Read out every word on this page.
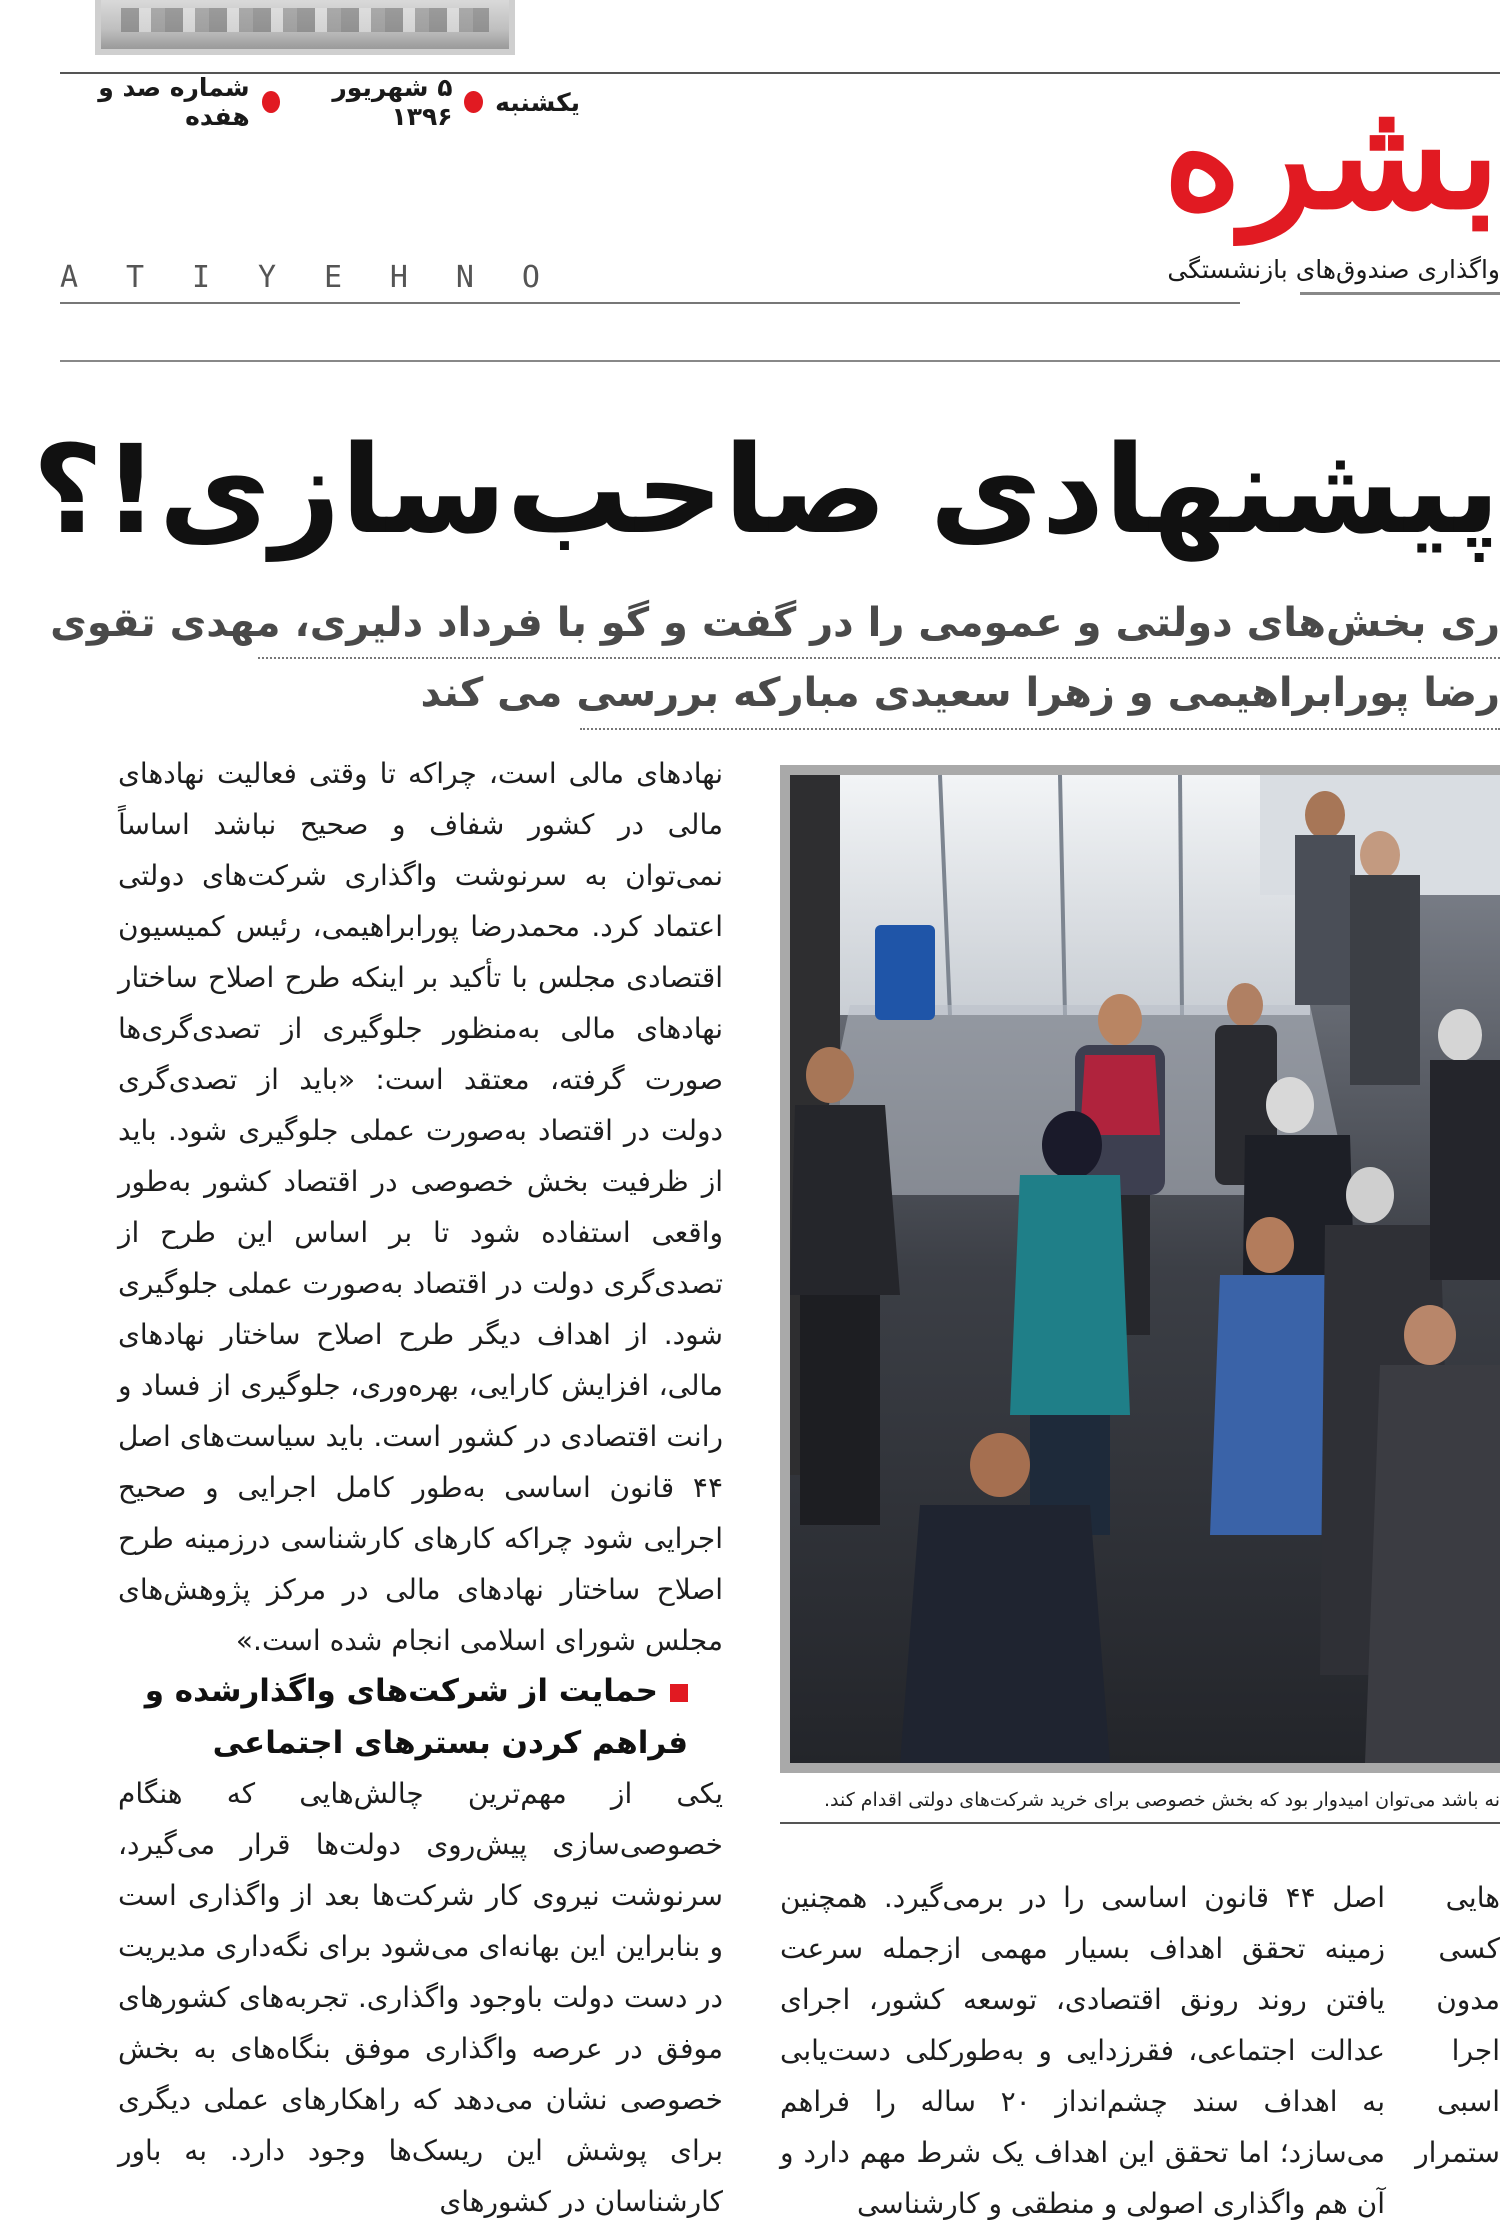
یکشنبه
۵ شهریور ۱۳۹۶
شماره صد و هفده	بشره
واگذاری صندوق‌های بازنشستگی
A T I Y E H N O
پیشنهادی صاحب‌سازی!؟
ری بخش‌های دولتی و عمومی را در گفت و گو با فرداد دلیری، مهدی تقوی
رضا پورابراهیمی و زهرا سعیدی مبارکه بررسی می کند
نه باشد می‌توان امیدوار بود که بخش خصوصی برای خرید شرکت‌های دولتی اقدام کند.

نهادهای مالی است، چراکه تا وقتی فعالیت نهادهای مالی در کشور شفاف و صحیح نباشد اساساً نمی‌توان به سرنوشت واگذاری شرکت‌های دولتی اعتماد کرد. محمدرضا پورابراهیمی، رئیس کمیسیون اقتصادی مجلس با تأکید بر اینکه طرح اصلاح ساختار نهادهای مالی به‌منظور جلوگیری از تصدی‌گری‌ها صورت گرفته، معتقد است: «باید از تصدی‌گری دولت در اقتصاد به‌صورت عملی جلوگیری شود. باید از ظرفیت بخش خصوصی در اقتصاد کشور به‌طور واقعی استفاده شود تا بر اساس این طرح از تصدی‌گری دولت در اقتصاد به‌صورت عملی جلوگیری شود. از اهداف دیگر طرح اصلاح ساختار نهادهای مالی، افزایش کارایی، بهره‌وری، جلوگیری از فساد و رانت اقتصادی در کشور است. باید سیاست‌های اصل ۴۴ قانون اساسی به‌طور کامل اجرایی و صحیح اجرایی شود چراکه کارهای کارشناسی درزمینه طرح اصلاح ساختار نهادهای مالی در مرکز پژوهش‌های مجلس شورای اسلامی انجام شده است.»

حمایت از شرکت‌های واگذارشده و فراهم کردن بسترهای اجتماعی

یکی از مهم‌ترین چالش‌هایی که هنگام خصوصی‌سازی پیش‌روی دولت‌ها قرار می‌گیرد، سرنوشت نیروی کار شرکت‌ها بعد از واگذاری است و بنابراین این بهانه‌ای می‌شود برای نگه‌داری مدیریت در دست دولت باوجود واگذاری. تجربه‌های کشورهای موفق در عرصه واگذاری موفق بنگاه‌های به بخش خصوصی نشان می‌دهد که راهکارهای عملی دیگری برای پوشش این ریسک‌ها وجود دارد. به باور کارشناسان در کشورهای

اصل ۴۴ قانون اساسی را در برمی‌گیرد. همچنین زمینه تحقق اهداف بسیار مهمی ازجمله سرعت یافتن روند رونق اقتصادی، توسعه کشور، اجرای عدالت اجتماعی، فقرزدایی و به‌طورکلی دست‌یابی به اهداف سند چشم‌انداز ۲۰ ساله را فراهم می‌سازد؛ اما تحقق این اهداف یک شرط مهم دارد و آن هم واگذاری اصولی و منطقی و کارشناسی

هایی
کسی
مدون
اجرا
اسبی
ستمرار
